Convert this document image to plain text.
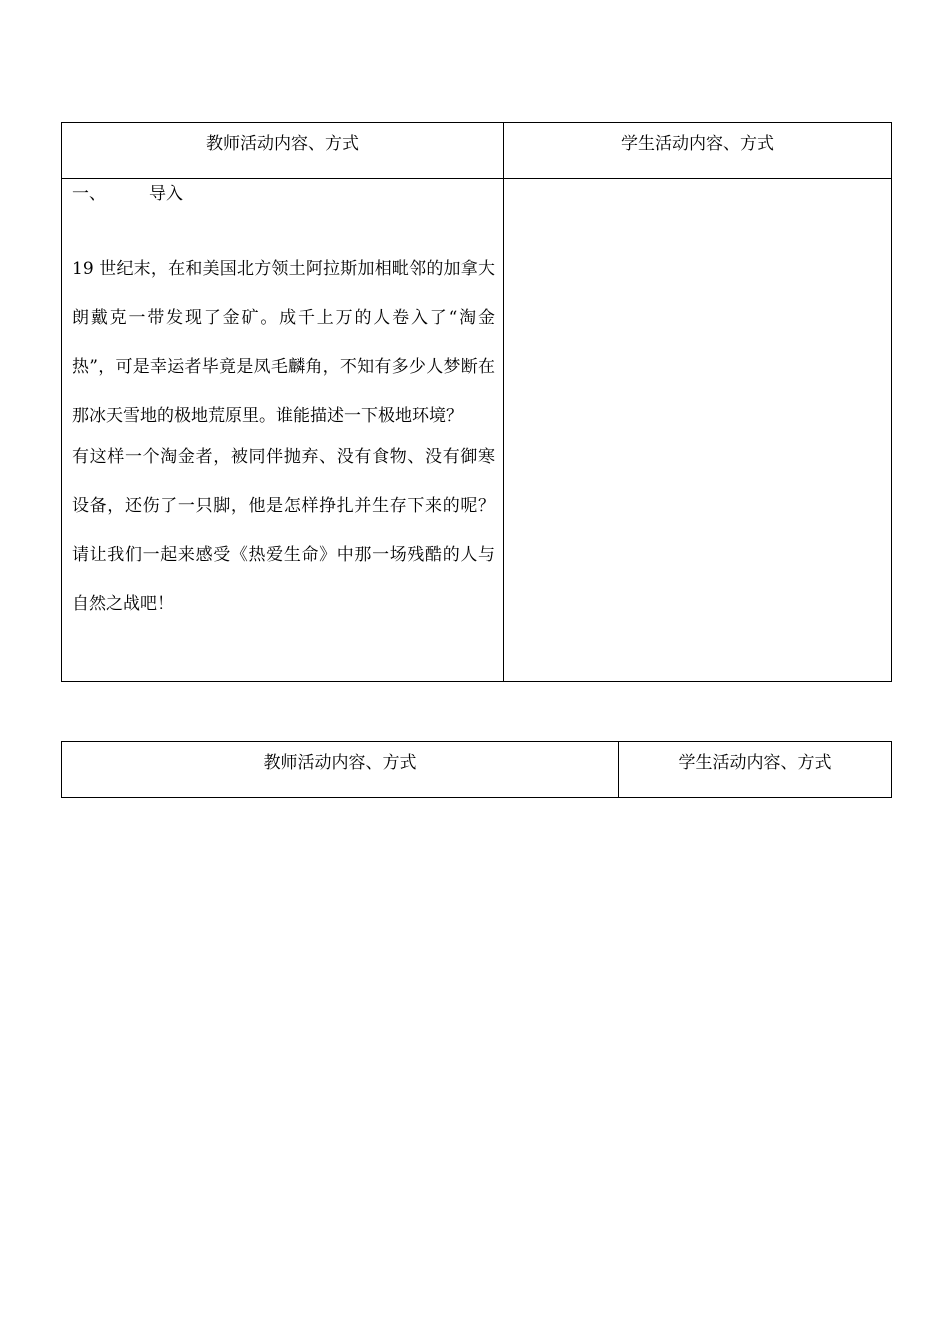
教师活动内容、方式	学生活动内容、方式

一、 导入

19 世纪末，在和美国北方领土阿拉斯加相毗邻的加拿大朗戴克一带发现了金矿。成千上万的人卷入了“淘金热”，可是幸运者毕竟是凤毛麟角，不知有多少人梦断在那冰天雪地的极地荒原里。谁能描述一下极地环境？

有这样一个淘金者，被同伴抛弃、没有食物、没有御寒设备，还伤了一只脚，他是怎样挣扎并生存下来的呢？请让我们一起来感受《热爱生命》中那一场残酷的人与自然之战吧！	

教师活动内容、方式	学生活动内容、方式
